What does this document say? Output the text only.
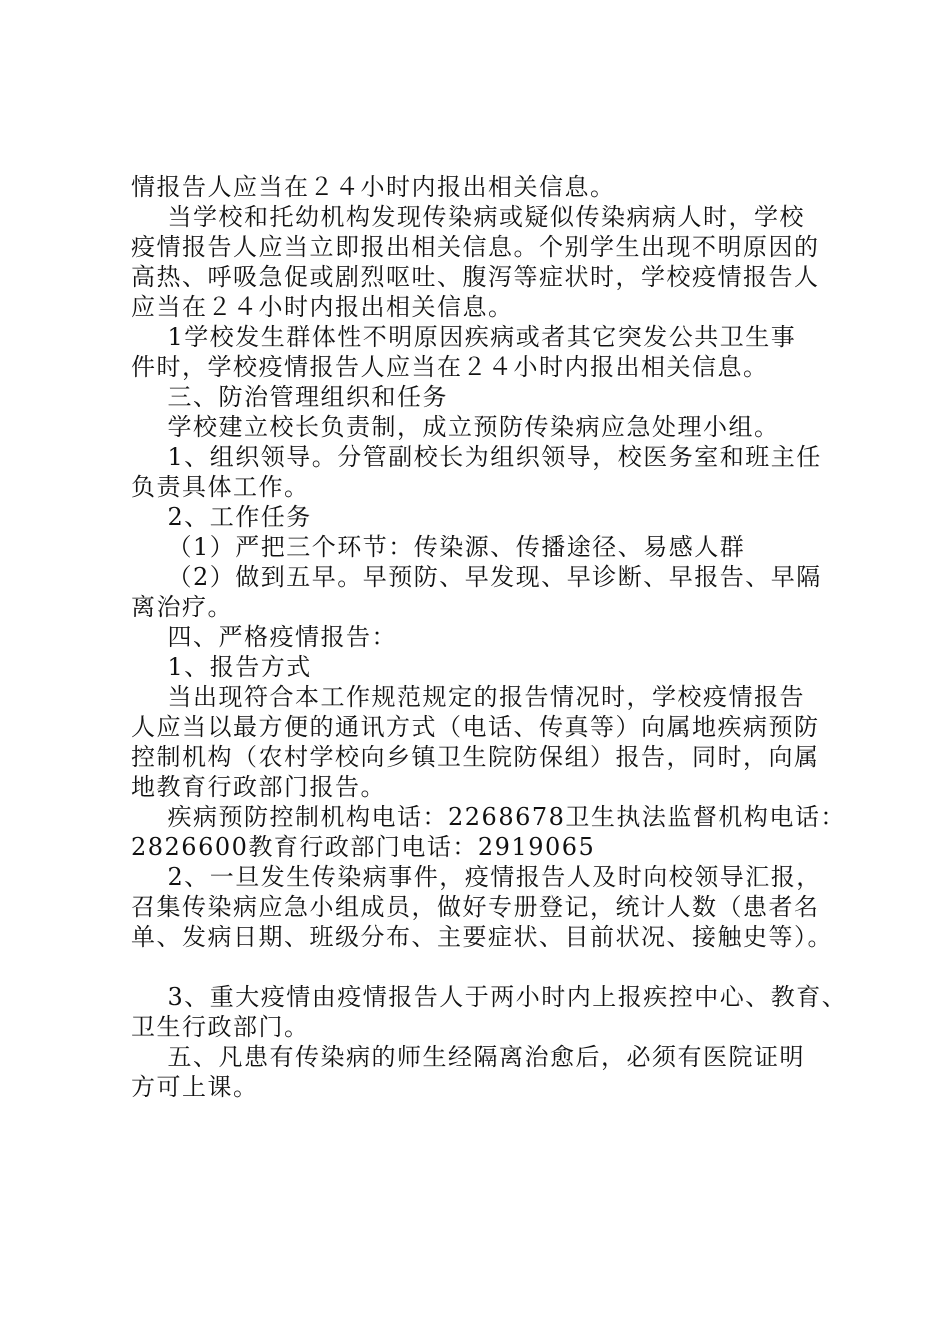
情报告人应当在２４小时内报出相关信息。
当学校和托幼机构发现传染病或疑似传染病病人时，学校
疫情报告人应当立即报出相关信息。个别学生出现不明原因的
高热、呼吸急促或剧烈呕吐、腹泻等症状时，学校疫情报告人
应当在２４小时内报出相关信息。
1学校发生群体性不明原因疾病或者其它突发公共卫生事
件时，学校疫情报告人应当在２４小时内报出相关信息。
三、防治管理组织和任务
学校建立校长负责制，成立预防传染病应急处理小组。
1、组织领导。分管副校长为组织领导，校医务室和班主任
负责具体工作。
2、工作任务
（1）严把三个环节：传染源、传播途径、易感人群
（2）做到五早。早预防、早发现、早诊断、早报告、早隔
离治疗。
四、严格疫情报告：
1、报告方式
当出现符合本工作规范规定的报告情况时，学校疫情报告
人应当以最方便的通讯方式（电话、传真等）向属地疾病预防
控制机构（农村学校向乡镇卫生院防保组）报告，同时，向属
地教育行政部门报告。
疾病预防控制机构电话：2268678卫生执法监督机构电话：
2826600教育行政部门电话：2919065
2、一旦发生传染病事件，疫情报告人及时向校领导汇报，
召集传染病应急小组成员，做好专册登记，统计人数（患者名
单、发病日期、班级分布、主要症状、目前状况、接触史等）。
3、重大疫情由疫情报告人于两小时内上报疾控中心、教育、
卫生行政部门。
五、凡患有传染病的师生经隔离治愈后，必须有医院证明
方可上课。
